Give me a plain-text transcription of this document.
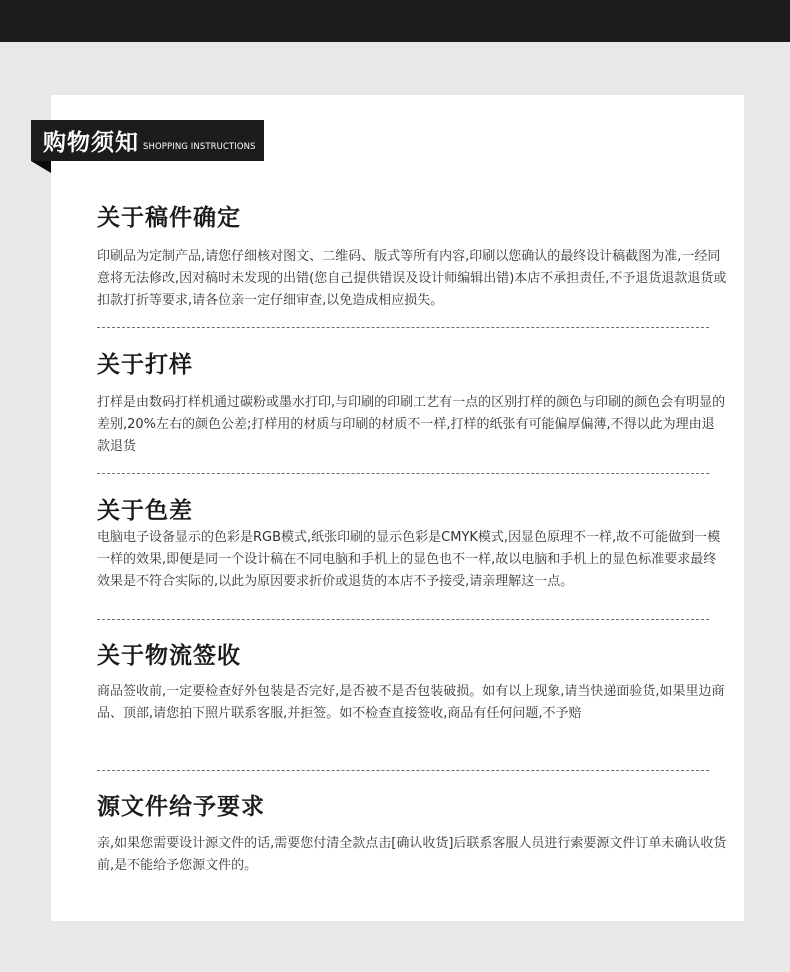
购物须知 SHOPPING INSTRUCTIONS
关于稿件确定

印刷品为定制产品,请您仔细核对图文、二维码、版式等所有内容,印刷以您确认的最终设计稿截图为准,一经同意将无法修改,因对稿时未发现的出错(您自己提供错误及设计师编辑出错)本店不承担责任,不予退货退款退货或扣款打折等要求,请各位亲一定仔细审查,以免造成相应损失。

关于打样

打样是由数码打样机通过碳粉或墨水打印,与印刷的印刷工艺有一点的区别打样的颜色与印刷的颜色会有明显的差别,20%左右的颜色公差;打样用的材质与印刷的材质不一样,打样的纸张有可能偏厚偏薄,不得以此为理由退款退货

关于色差

电脑电子设备显示的色彩是RGB模式,纸张印刷的显示色彩是CMYK模式,因显色原理不一样,故不可能做到一模一样的效果,即便是同一个设计稿在不同电脑和手机上的显色也不一样,故以电脑和手机上的显色标准要求最终效果是不符合实际的,以此为原因要求折价或退货的本店不予接受,请亲理解这一点。

关于物流签收

商品签收前,一定要检查好外包装是否完好,是否被不是否包装破损。如有以上现象,请当快递面验货,如果里边商品、顶部,请您拍下照片联系客服,并拒签。如不检查直接签收,商品有任何问题,不予赔

源文件给予要求

亲,如果您需要设计源文件的话,需要您付清全款点击[确认收货]后联系客服人员进行索要源文件订单未确认收货前,是不能给予您源文件的。
